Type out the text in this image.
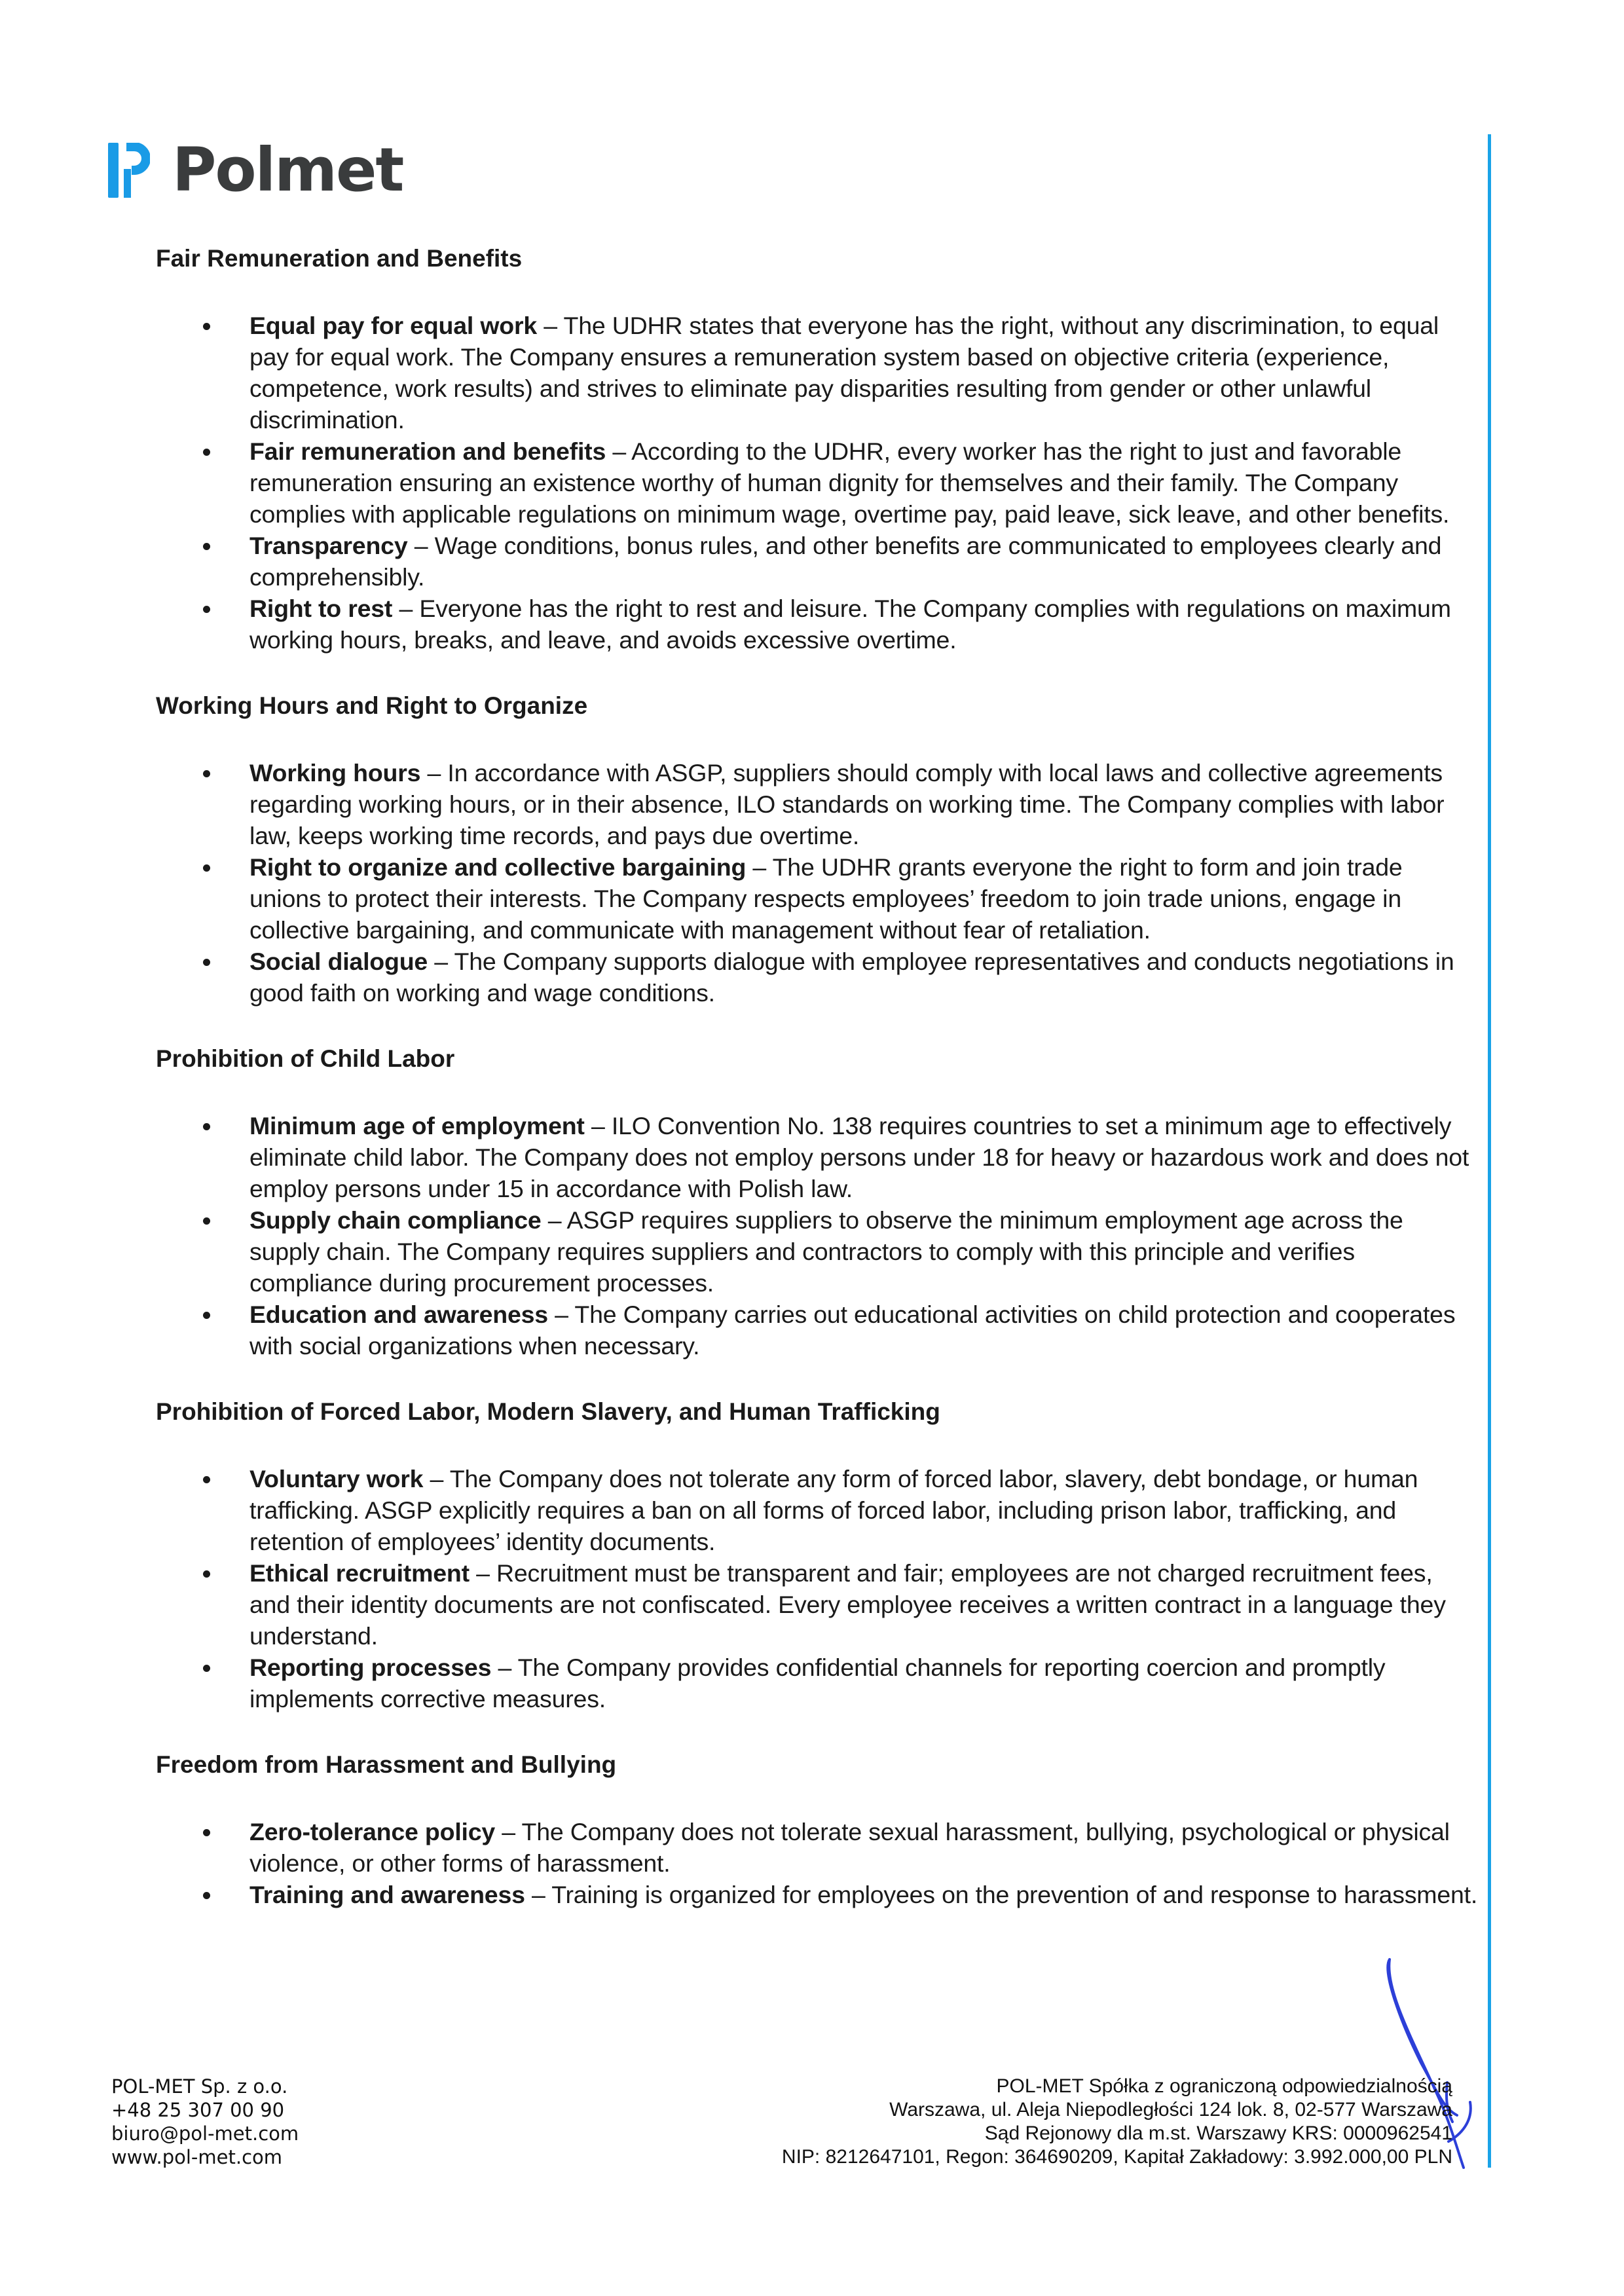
Polmet
Fair Remuneration and Benefits
Equal pay for equal work – The UDHR states that everyone has the right, without any discrimination, to equal pay for equal work. The Company ensures a remuneration system based on objective criteria (experience, competence, work results) and strives to eliminate pay disparities resulting from gender or other unlawful discrimination.
Fair remuneration and benefits – According to the UDHR, every worker has the right to just and favorable remuneration ensuring an existence worthy of human dignity for themselves and their family. The Company complies with applicable regulations on minimum wage, overtime pay, paid leave, sick leave, and other benefits.
Transparency – Wage conditions, bonus rules, and other benefits are communicated to employees clearly and comprehensibly.
Right to rest – Everyone has the right to rest and leisure. The Company complies with regulations on maximum working hours, breaks, and leave, and avoids excessive overtime.
Working Hours and Right to Organize
Working hours – In accordance with ASGP, suppliers should comply with local laws and collective agreements regarding working hours, or in their absence, ILO standards on working time. The Company complies with labor law, keeps working time records, and pays due overtime.
Right to organize and collective bargaining – The UDHR grants everyone the right to form and join trade unions to protect their interests. The Company respects employees’ freedom to join trade unions, engage in collective bargaining, and communicate with management without fear of retaliation.
Social dialogue – The Company supports dialogue with employee representatives and conducts negotiations in good faith on working and wage conditions.
Prohibition of Child Labor
Minimum age of employment – ILO Convention No. 138 requires countries to set a minimum age to effectively eliminate child labor. The Company does not employ persons under 18 for heavy or hazardous work and does not employ persons under 15 in accordance with Polish law.
Supply chain compliance – ASGP requires suppliers to observe the minimum employment age across the supply chain. The Company requires suppliers and contractors to comply with this principle and verifies compliance during procurement processes.
Education and awareness – The Company carries out educational activities on child protection and cooperates with social organizations when necessary.
Prohibition of Forced Labor, Modern Slavery, and Human Trafficking
Voluntary work – The Company does not tolerate any form of forced labor, slavery, debt bondage, or human trafficking. ASGP explicitly requires a ban on all forms of forced labor, including prison labor, trafficking, and retention of employees’ identity documents.
Ethical recruitment – Recruitment must be transparent and fair; employees are not charged recruitment fees, and their identity documents are not confiscated. Every employee receives a written contract in a language they understand.
Reporting processes – The Company provides confidential channels for reporting coercion and promptly implements corrective measures.
Freedom from Harassment and Bullying
Zero-tolerance policy – The Company does not tolerate sexual harassment, bullying, psychological or physical violence, or other forms of harassment.
Training and awareness – Training is organized for employees on the prevention of and response to harassment.
POL-MET Sp. z o.o.
+48 25 307 00 90
biuro@pol-met.com
www.pol-met.com
POL-MET Spółka z ograniczoną odpowiedzialnością
Warszawa, ul. Aleja Niepodległości 124 lok. 8, 02-577 Warszawa
Sąd Rejonowy dla m.st. Warszawy KRS: 0000962541
NIP: 8212647101, Regon: 364690209, Kapitał Zakładowy: 3.992.000,00 PLN
